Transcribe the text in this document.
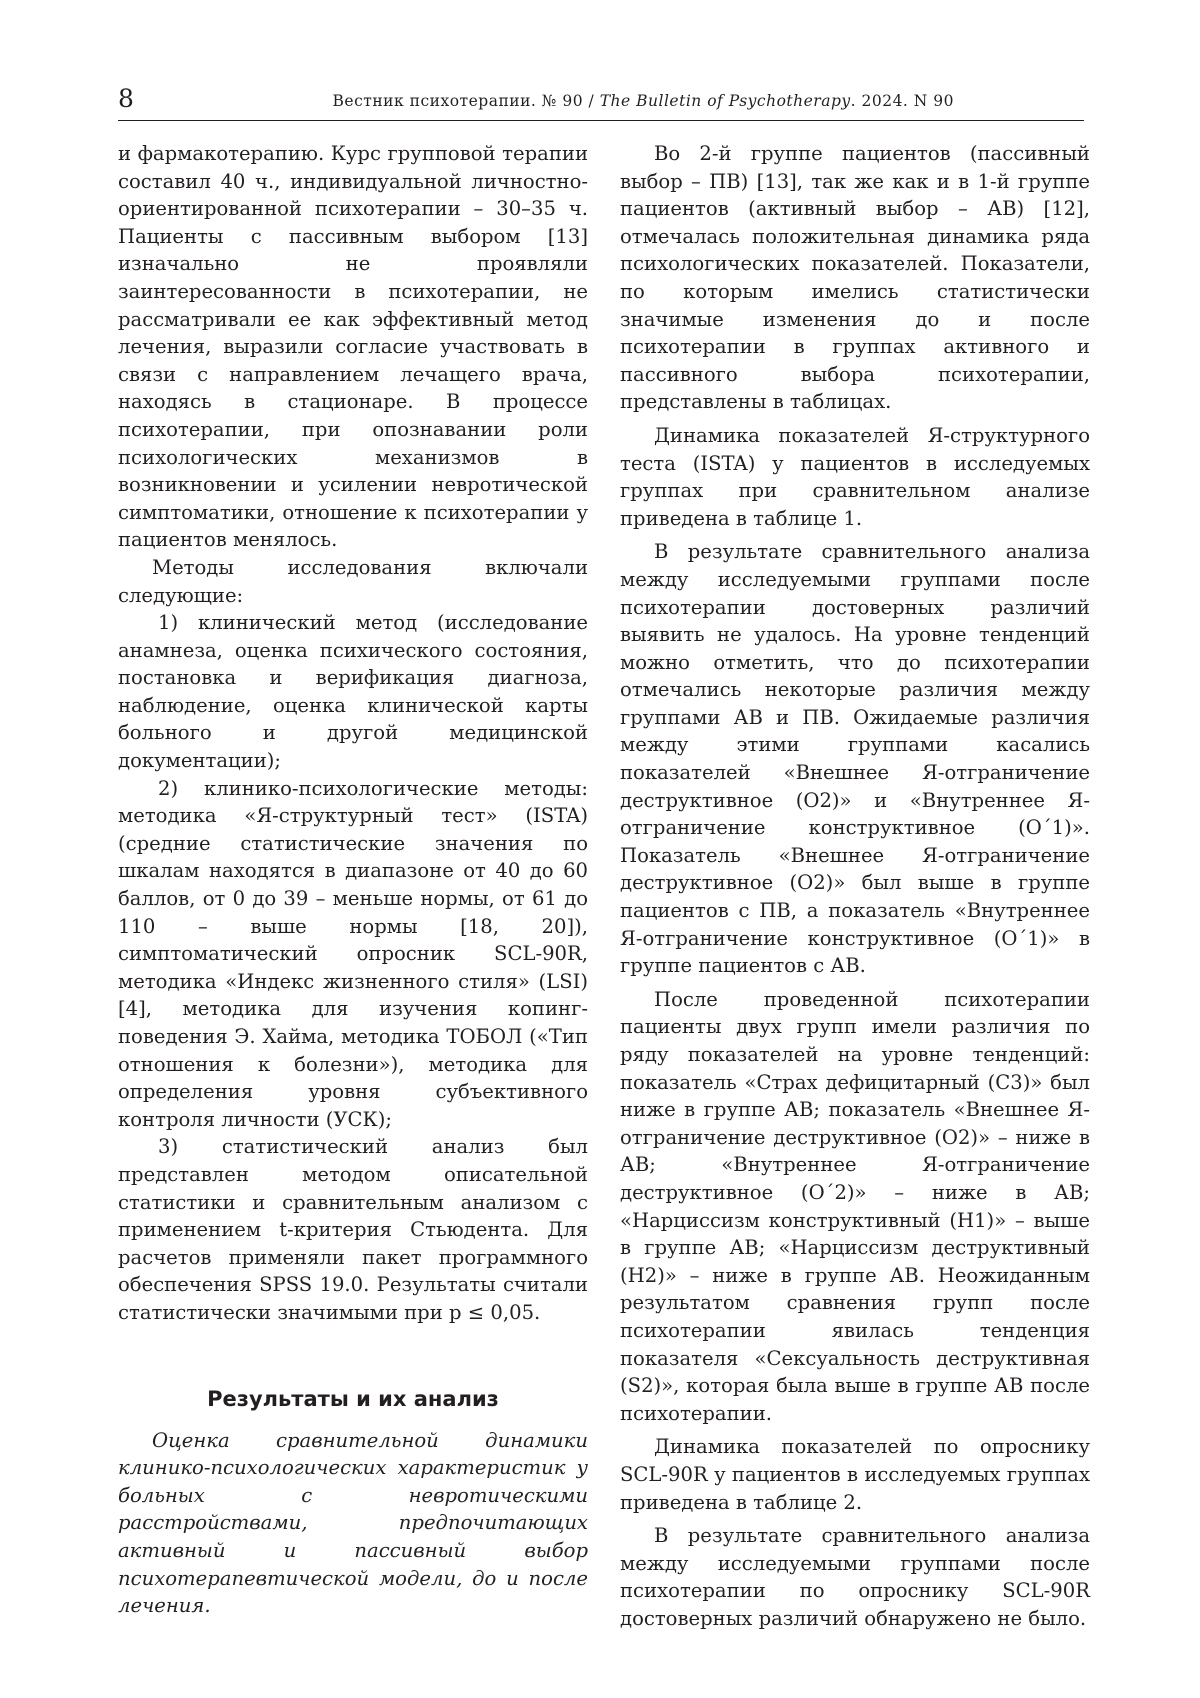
8	Вестник психотерапии. № 90 / The Bulletin of Psychotherapy. 2024. N 90

и фармакотерапию. Курс групповой терапии составил 40 ч., индивидуальной личностно-ориентированной психотерапии – 30–35 ч. Пациенты с пассивным выбором [13] изначально не проявляли заинтересованности в психотерапии, не рассматривали ее как эффективный метод лечения, выразили согласие участвовать в связи с направлением лечащего врача, находясь в стационаре. В процессе психотерапии, при опознавании роли психологических механизмов в возникновении и усилении невротической симптоматики, отношение к психотерапии у пациентов менялось.

Методы исследования включали следующие:

1) клинический метод (исследование анамнеза, оценка психического состояния, постановка и верификация диагноза, наблюдение, оценка клинической карты больного и другой медицинской документации);

2) клинико-психологические методы: методика «Я-структурный тест» (ISTA) (средние статистические значения по шкалам находятся в диапазоне от 40 до 60 баллов, от 0 до 39 – меньше нормы, от 61 до 110 – выше нормы [18, 20]), симптоматический опросник SCL-90R, методика «Индекс жизненного стиля» (LSI) [4], методика для изучения копинг-поведения Э. Хайма, методика ТОБОЛ («Тип отношения к болезни»), методика для определения уровня субъективного контроля личности (УСК);

3) статистический анализ был представлен методом описательной статистики и сравнительным анализом с применением t-критерия Стьюдента. Для расчетов применяли пакет программного обеспечения SPSS 19.0. Результаты считали статистически значимыми при p ≤ 0,05.

Результаты и их анализ

Оценка сравнительной динамики клинико-психологических характеристик у больных с невротическими расстройствами, предпочитающих активный и пассивный выбор психотерапевтической модели, до и после лечения.

Во 2-й группе пациентов (пассивный выбор – ПВ) [13], так же как и в 1-й группе пациентов (активный выбор – АВ) [12], отмечалась положительная динамика ряда психологических показателей. Показатели, по которым имелись статистически значимые изменения до и после психотерапии в группах активного и пассивного выбора психотерапии, представлены в таблицах.

Динамика показателей Я-структурного теста (ISTA) у пациентов в исследуемых группах при сравнительном анализе приведена в таблице 1.

В результате сравнительного анализа между исследуемыми группами после психотерапии достоверных различий выявить не удалось. На уровне тенденций можно отметить, что до психотерапии отмечались некоторые различия между группами АВ и ПВ. Ожидаемые различия между этими группами касались показателей «Внешнее Я-отграничение деструктивное (О2)» и «Внутреннее Я-отграничение конструктивное (О´1)». Показатель «Внешнее Я-отграничение деструктивное (О2)» был выше в группе пациентов с ПВ, а показатель «Внутреннее Я-отграничение конструктивное (О´1)» в группе пациентов с АВ.

После проведенной психотерапии пациенты двух групп имели различия по ряду показателей на уровне тенденций: показатель «Страх дефицитарный (С3)» был ниже в группе АВ; показатель «Внешнее Я-отграничение деструктивное (О2)» – ниже в АВ; «Внутреннее Я-отграничение деструктивное (О´2)» – ниже в АВ; «Нарциссизм конструктивный (Н1)» – выше в группе АВ; «Нарциссизм деструктивный (Н2)» – ниже в группе АВ. Неожиданным результатом сравнения групп после психотерапии явилась тенденция показателя «Сексуальность деструктивная (S2)», которая была выше в группе АВ после психотерапии.

Динамика показателей по опроснику SCL-90R у пациентов в исследуемых группах приведена в таблице 2.

В результате сравнительного анализа между исследуемыми группами после психотерапии по опроснику SCL-90R достоверных различий обнаружено не было.
